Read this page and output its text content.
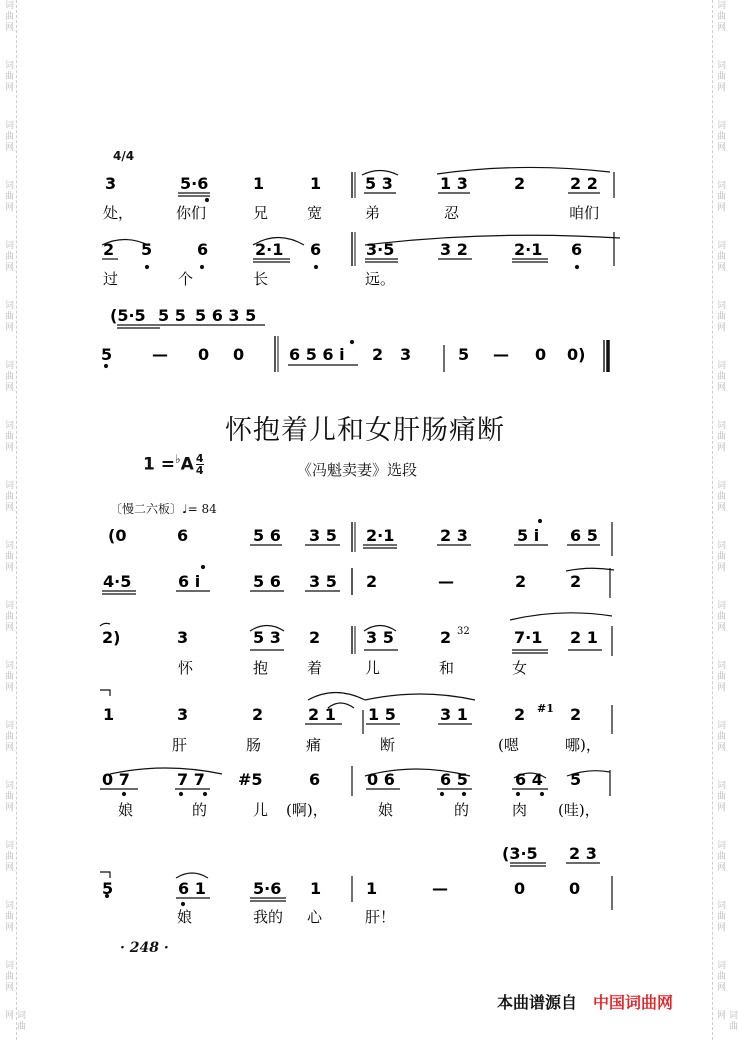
词曲网
词曲网
词曲网
词曲网
词曲网
词曲网
词曲网
词曲网
词曲网
词曲网
词曲网
词曲网
词曲网
词曲网
词曲网
词曲网
词曲网
词曲网
词曲网
词曲网
词曲网
词曲网
词曲网
词曲网
词曲网
词曲网
词曲网
词曲网
词曲网
词曲网
词曲网
词曲网
词曲网
词曲网
词曲网
词曲网
4/4
3	5·6	1	1	5 3	1 3	2	2 2
处，	你们	兄	宽	弟	忍	咱们
2 5	6	2·1 6	3·5	3 2	2·1 6
过	个	长	远。
(5·5 5 5 5 6 3 5
5 — 0 0	6 5 6 i 2 3	5 — 0 0)
(0	6	5 6 3 5 2·1	2 3	5 i 6 5
4·5	6 i	5 6 3 5 2	—	2	2
2)	3	5 3 2	3 5	2 32	7·1 2 1
怀	抱	着	儿	和	女
1	3	2	2 1 1 5	3 1	2 #1 2
肝	肠	痛	断	(嗯	哪)，
0 7	7 7 #5	6	0 6	6 5	6 4 5
娘	的	儿 (啊)，	娘	的	肉 (哇)，
(3·5 2 3
5	6 1	5·6 1	1	—	0	0
娘	我的 心	肝！
怀抱着儿和女肝肠痛断
$1 =^♭A \frac{4}{4}$	《冯魁卖妻》选段
〔慢二六板〕♩= 84
· 248 ·
本曲谱源自 中国词曲网
